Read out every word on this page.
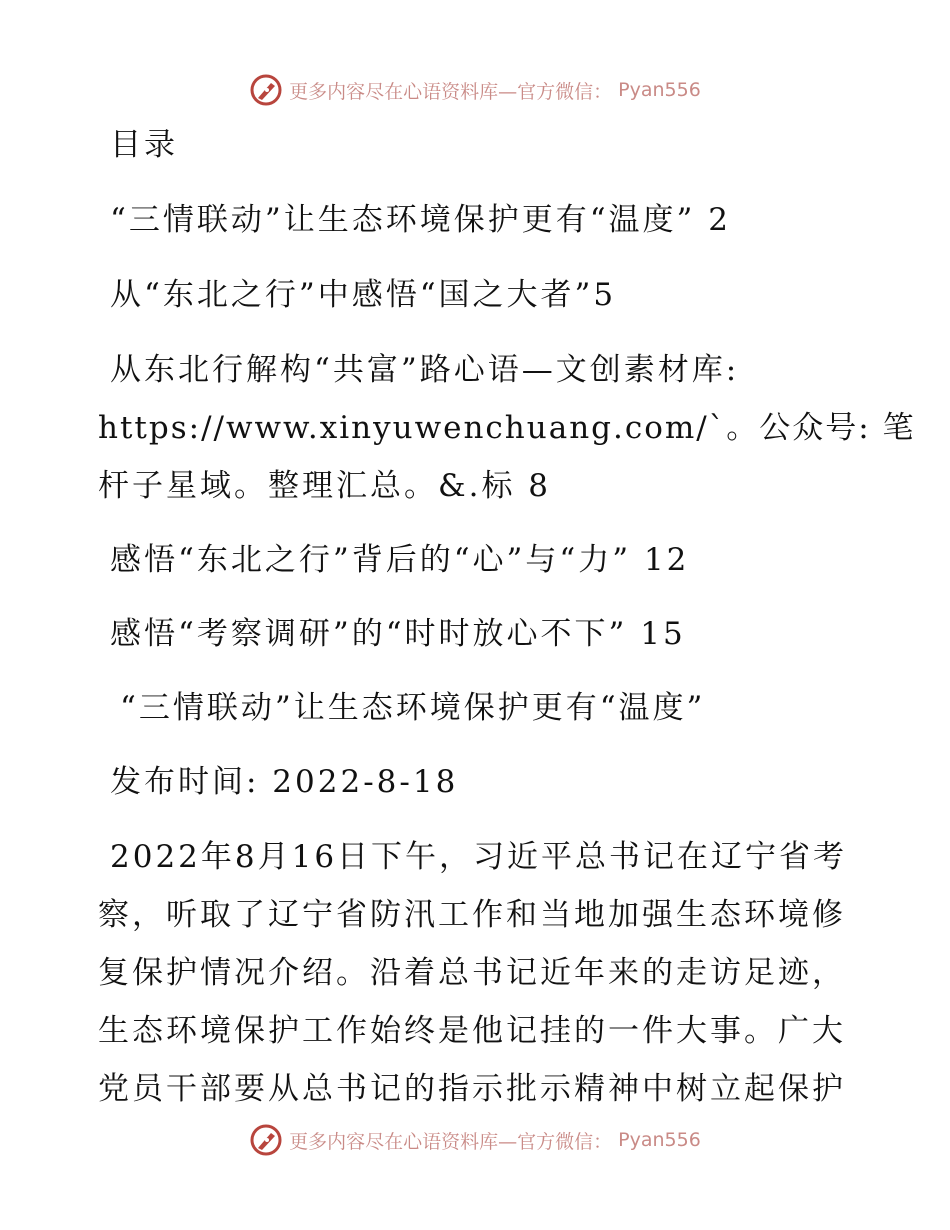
更多内容尽在心语资料库—官方微信： Pyan556
目录
“三情联动”让生态环境保护更有“温度” 2
从“东北之行”中感悟“国之大者”5
从东北行解构“共富”路心语—文创素材库:
https://www.xinyuwenchuang.com/`。公众号: 笔
杆子星域。整理汇总。&.标 8
感悟“东北之行”背后的“心”与“力” 12
感悟“考察调研”的“时时放心不下” 15
“三情联动”让生态环境保护更有“温度”
发布时间: 2022-8-18
2022年8月16日下午，习近平总书记在辽宁省考
察，听取了辽宁省防汛工作和当地加强生态环境修
复保护情况介绍。沿着总书记近年来的走访足迹，
生态环境保护工作始终是他记挂的一件大事。广大
党员干部要从总书记的指示批示精神中树立起保护
更多内容尽在心语资料库—官方微信： Pyan556
